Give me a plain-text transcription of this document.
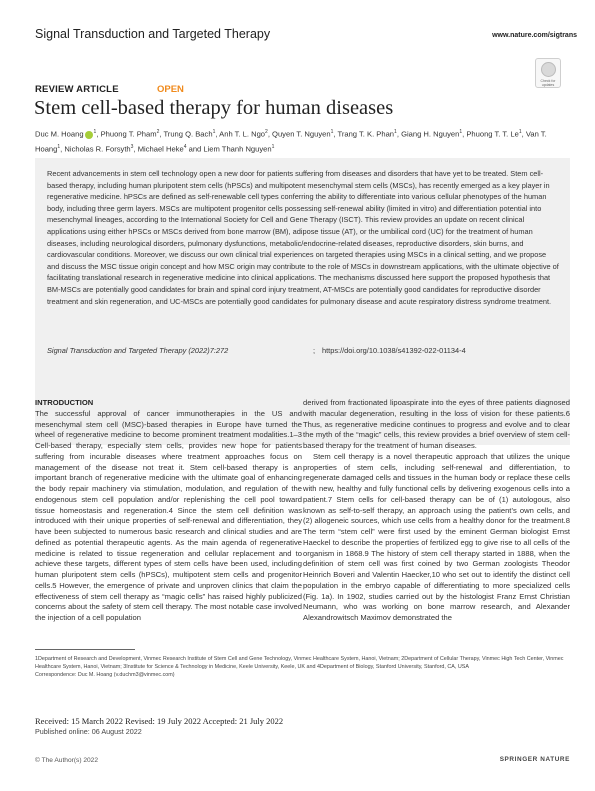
Signal Transduction and Targeted Therapy	www.nature.com/sigtrans
Check for updates
REVIEW ARTICLE	OPEN
Stem cell-based therapy for human diseases
Duc M. Hoang $^1$, Phuong T. Pham$^2$, Trung Q. Bach$^1$, Anh T. L. Ngo$^2$, Quyen T. Nguyen$^1$, Trang T. K. Phan$^1$, Giang H. Nguyen$^1$, Phuong T. T. Le$^1$, Van T. Hoang$^1$, Nicholas R. Forsyth$^3$, Michael Heke$^4$ and Liem Thanh Nguyen$^1$
Recent advancements in stem cell technology open a new door for patients suffering from diseases and disorders that have yet to be treated. Stem cell-based therapy, including human pluripotent stem cells (hPSCs) and multipotent mesenchymal stem cells (MSCs), has recently emerged as a key player in regenerative medicine. hPSCs are defined as self-renewable cell types conferring the ability to differentiate into various cellular phenotypes of the human body, including three germ layers. MSCs are multipotent progenitor cells possessing self-renewal ability (limited in vitro) and differentiation potential into mesenchymal lineages, according to the International Society for Cell and Gene Therapy (ISCT). This review provides an update on recent clinical applications using either hPSCs or MSCs derived from bone marrow (BM), adipose tissue (AT), or the umbilical cord (UC) for the treatment of human diseases, including neurological disorders, pulmonary dysfunctions, metabolic/endocrine-related diseases, reproductive disorders, skin burns, and cardiovascular conditions. Moreover, we discuss our own clinical trial experiences on targeted therapies using MSCs in a clinical setting, and we propose and discuss the MSC tissue origin concept and how MSC origin may contribute to the role of MSCs in downstream applications, with the ultimate objective of facilitating translational research in regenerative medicine into clinical applications. The mechanisms discussed here support the proposed hypothesis that BM-MSCs are potentially good candidates for brain and spinal cord injury treatment, AT-MSCs are potentially good candidates for reproductive disorder treatment and skin regeneration, and UC-MSCs are potentially good candidates for pulmonary disease and acute respiratory distress syndrome treatment.
Signal Transduction and Targeted Therapy (2022)7:272	; https://doi.org/10.1038/s41392-022-01134-4
INTRODUCTION

The successful approval of cancer immunotherapies in the US and mesenchymal stem cell (MSC)-based therapies in Europe have turned the wheel of regenerative medicine to become prominent treatment modalities.1–3 Cell-based therapy, especially stem cells, provides new hope for patients suffering from incurable diseases where treatment approaches focus on management of the disease not treat it. Stem cell-based therapy is an important branch of regenerative medicine with the ultimate goal of enhancing the body repair machinery via stimulation, modulation, and regulation of the endogenous stem cell population and/or replenishing the cell pool toward tissue homeostasis and regeneration.4 Since the stem cell definition was introduced with their unique properties of self-renewal and differentiation, they have been subjected to numerous basic research and clinical studies and are defined as potential therapeutic agents. As the main agenda of regenerative medicine is related to tissue regeneration and cellular replacement and to achieve these targets, different types of stem cells have been used, including human pluripotent stem cells (hPSCs), multipotent stem cells and progenitor cells.5 However, the emergence of private and unproven clinics that claim the effectiveness of stem cell therapy as “magic cells” has raised highly publicized concerns about the safety of stem cell therapy. The most notable case involved the injection of a cell population

derived from fractionated lipoaspirate into the eyes of three patients diagnosed with macular degeneration, resulting in the loss of vision for these patients.6 Thus, as regenerative medicine continues to progress and evolve and to clear the myth of the “magic” cells, this review provides a brief overview of stem cell-based therapy for the treatment of human diseases.

Stem cell therapy is a novel therapeutic approach that utilizes the unique properties of stem cells, including self-renewal and differentiation, to regenerate damaged cells and tissues in the human body or replace these cells with new, healthy and fully functional cells by delivering exogenous cells into a patient.7 Stem cells for cell-based therapy can be of (1) autologous, also known as self-to-self therapy, an approach using the patient’s own cells, and (2) allogeneic sources, which use cells from a healthy donor for the treatment.8 The term “stem cell” were first used by the eminent German biologist Ernst Haeckel to describe the properties of fertilized egg to give rise to all cells of the organism in 1868.9 The history of stem cell therapy started in 1888, when the definition of stem cell was first coined by two German zoologists Theodor Heinrich Boveri and Valentin Haecker,10 who set out to identify the distinct cell population in the embryo capable of differentiating to more specialized cells (Fig. 1a). In 1902, studies carried out by the histologist Franz Ernst Christian Neumann, who was working on bone marrow research, and Alexander Alexandrowitsch Maximov demonstrated the

1Department of Research and Development, Vinmec Research Institute of Stem Cell and Gene Technology, Vinmec Healthcare System, Hanoi, Vietnam; 2Department of Cellular Therapy, Vinmec High Tech Center, Vinmec Healthcare System, Hanoi, Vietnam; 3Institute for Science & Technology in Medicine, Keele University, Keele, UK and 4Department of Biology, Stanford University, Stanford, CA, USA
Correspondence: Duc M. Hoang (v.duchm3@vinmec.com)
Received: 15 March 2022 Revised: 19 July 2022 Accepted: 21 July 2022
Published online: 06 August 2022
© The Author(s) 2022	SPRINGER NATURE
